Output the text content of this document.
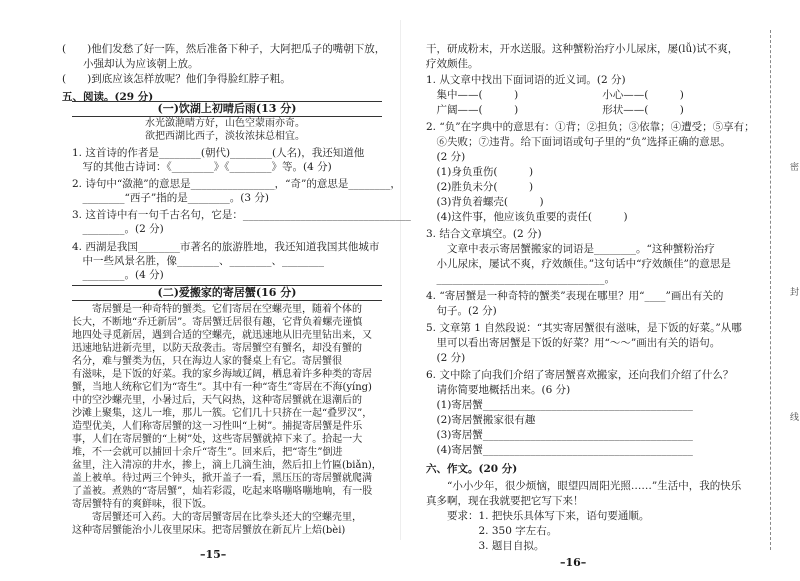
(　　)他们发愁了好一阵，然后准备下种子，大阿把瓜子的嘴朝下放，
　　小强却认为应该朝上放。
(　　)到底应该怎样放呢？他们争得脸红脖子粗。
五、阅读。(29 分)
(一)饮湖上初晴后雨(13 分)
水光潋滟晴方好，山色空蒙雨亦奇。
欲把西湖比西子，淡妆浓抹总相宜。
1. 这首诗的作者是________(朝代)________(人名)，我还知道他
　写的其他古诗词：《________》《________》等。(4 分)
2. 诗句中“潋滟”的意思是________________，“奇”的意思是________，
　________“西子”指的是________。(3 分)
3. 这首诗中有一句千古名句，它是：________________________________
　________。(2 分)
4. 西湖是我国________市著名的旅游胜地，我还知道我国其他城市
　中一些风景名胜，像________、________、________
　________。(4 分)
(二)爱搬家的寄居蟹(16 分)
　　寄居蟹是一种奇特的蟹类。它们寄居在空螺壳里，随着个体的
长大，不断地“乔迁新居”。寄居蟹迁居很有趣，它背负着螺壳谨慎
地四处寻觅新居，遇到合适的空螺壳，就迅速地从旧壳里钻出来，又
迅速地钻进新壳里，以防天敌袭击。寄居蟹空有蟹名，却没有蟹的
名分，难与蟹类为伍，只在海边人家的餐桌上有它。寄居蟹很
有滋味，是下饭的好菜。我的家乡海域辽阔，栖息着许多种类的寄居
蟹，当地人统称它们为“寄生”。其中有一种“寄生”寄居在不海(yíng)
中的空沙螺壳里，小暑过后，天气闷热，这种寄居蟹就在退潮后的
沙滩上聚集，这儿一堆，那儿一簇。它们几十只挤在一起“叠罗汉”，
造型优美，人们称寄居蟹的这一习性叫“上树”。捕捉寄居蟹是件乐
事，人们在寄居蟹的“上树”处，这些寄居蟹就掉下来了。拾起一大
堆，不一会就可以捕回十余斤“寄生”。回来后，把“寄生”倒进
盆里，注入清凉的井水，掺上，滴上几滴生油，然后扣上竹匾(biǎn)，
盖上被单。待过两三个钟头，掀开盖子一看，黑压压的寄居蟹就爬满
了盖被。煮熟的“寄居蟹”，灿若彩霞，吃起来咯嘣咯嘣地响，有一股
寄居蟹特有的爽鲜味，很下饭。
　　寄居蟹还可入药。大的寄居蟹寄居在比拳头还大的空螺壳里，
这种寄居蟹能治小儿夜里尿床。把寄居蟹放在新瓦片上焙(bèi)
–15–
干，研成粉末，开水送服。这种蟹粉治疗小儿尿床，屡(lǚ)试不爽，
疗效颇佳。
1. 从文章中找出下面词语的近义词。(2 分)
　集中——(　　　)　　　　　　　　小心——(　　　)
　广阔——(　　　)　　　　　　　　形状——(　　　)
2. “负”在字典中的意思有：①背；②担负；③依靠；④遭受；⑤享有；
　⑥失败；⑦违背。给下面词语或句子里的“负”选择正确的意思。
　(2 分)
　(1)身负重伤(　　　)
　(2)胜负未分(　　　)
　(3)背负着螺壳(　　　)
　(4)这件事，他应该负重要的责任(　　　)
3. 结合文章填空。(2 分)
　　文章中表示寄居蟹搬家的词语是________。“这种蟹粉治疗
　小儿尿床，屡试不爽，疗效颇佳。”这句话中“疗效颇佳”的意思是
　________________________________。
4. “寄居蟹是一种奇特的蟹类”表现在哪里？用“____”画出有关的
　句子。(2 分)
5. 文章第 1 自然段说：“其实寄居蟹很有滋味，是下饭的好菜。”从哪
　里可以看出寄居蟹是下饭的好菜？用“～～”画出有关的语句。
　(2 分)
6. 文中除了向我们介绍了寄居蟹喜欢搬家，还向我们介绍了什么？
　请你简要地概括出来。(6 分)
　(1)寄居蟹________________________________________
　(2)寄居蟹搬家很有趣
　(3)寄居蟹________________________________________
　(4)寄居蟹________________________________________
六、作文。(20 分)
　　“小小少年，很少烦恼，眼望四周阳光照……”生活中，我的快乐
真多啊，现在我就要把它写下来！
　　要求：1. 把快乐具体写下来，语句要通顺。
　　　　　2. 350 字左右。
　　　　　3. 题目自拟。
–16–
密
封
线
